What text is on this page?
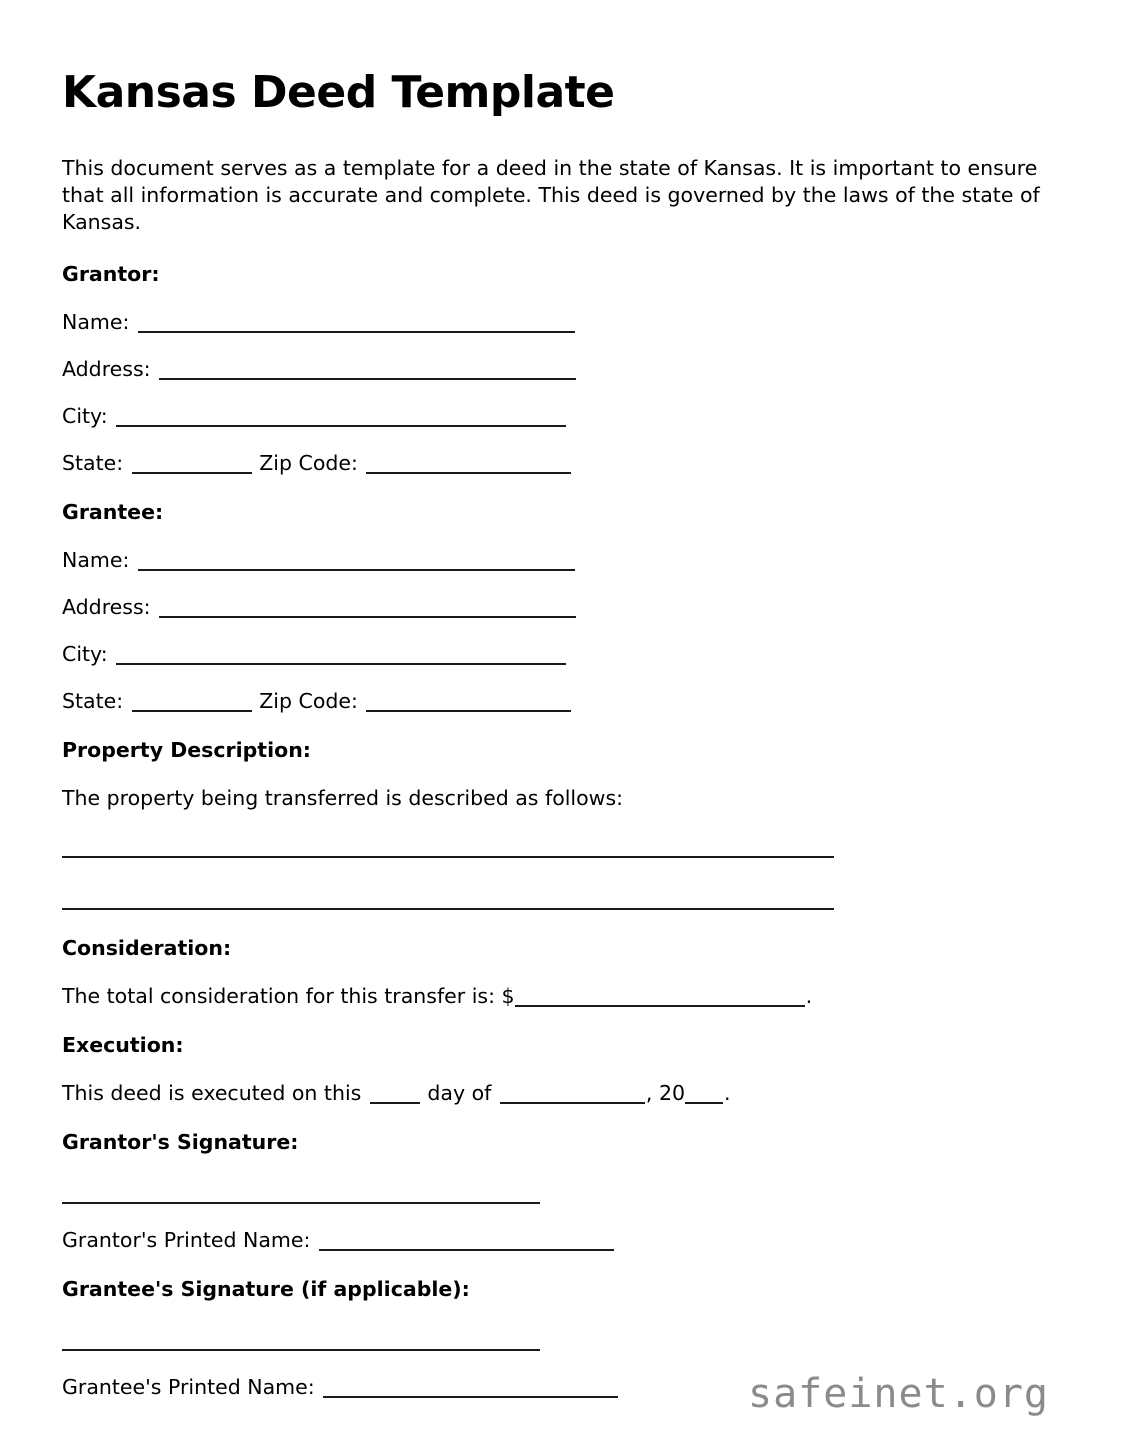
Kansas Deed Template

This document serves as a template for a deed in the state of Kansas. It is important to ensure that all information is accurate and complete. This deed is governed by the laws of the state of Kansas.

Grantor:
Name:
Address:
City:
State:	Zip Code:
Grantee:
Name:
Address:
City:
State:	Zip Code:
Property Description:
The property being transferred is described as follows:
Consideration:
The total consideration for this transfer is: $	.
Execution:
This deed is executed on this	day of	, 20 .
Grantor's Signature:
Grantor's Printed Name:
Grantee's Signature (if applicable):
Grantee's Printed Name:	safeinet.org
